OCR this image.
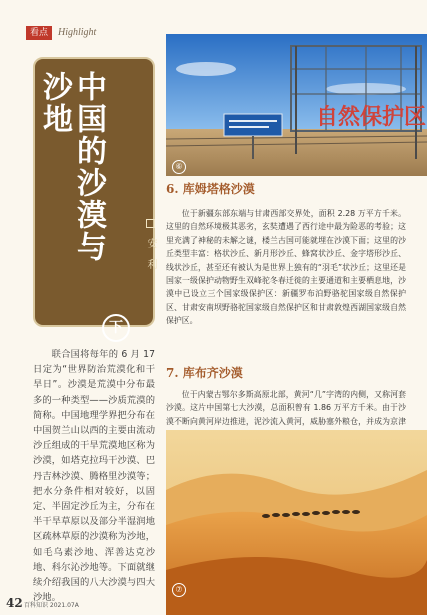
看点 Highlight
中国的沙漠与沙地
下
安 利

联合国将每年的 6 月 17 日定为“世界防治荒漠化和干旱日”。沙漠是荒漠中分布最多的一种类型——沙质荒漠的简称。中国地理学界把分布在中国贺兰山以西的主要由流动沙丘组成的干旱荒漠地区称为沙漠，如塔克拉玛干沙漠、巴丹吉林沙漠、腾格里沙漠等；把水分条件相对较好，以固定、半固定沙丘为主，分布在半干旱草原以及部分半湿润地区疏林草原的沙漠称为沙地，如毛乌素沙地、浑善达克沙地、科尔沁沙地等。下面就继续介绍我国的八大沙漠与四大沙地。

自然保护区
⑥
6. 库姆塔格沙漠

位于新疆东部东端与甘肃西部交界处，面积 2.28 万平方千米。这里的自然环境极其恶劣，玄奘遭遇了西行途中最为险恶的考验；这里充满了神秘的未解之谜，楼兰古国可能就埋在沙漠下面；这里的沙丘类型丰富：格状沙丘、新月形沙丘、蜂窝状沙丘、金字塔形沙丘、线状沙丘，甚至还有被认为是世界上独有的“羽毛”状沙丘；这里还是国家一级保护动物野生双峰驼冬春迁徙的主要通道和主要栖息地，沙漠中已设立三个国家级保护区：新疆罗布泊野骆驼国家级自然保护区、甘肃安南坝野骆驼国家级自然保护区和甘肃敦煌西湖国家级自然保护区。

7. 库布齐沙漠

位于内蒙古鄂尔多斯高原北部，黄河“几”字湾的内侧，又称河套沙漠。这片中国第七大沙漠，总面积曾有 1.86 万平方千米。由于沙漠不断向黄河岸边推进，泥沙流入黄河，威胁塞外粮仓，并成为京津

⑦
42 百科知识 2021.07A
